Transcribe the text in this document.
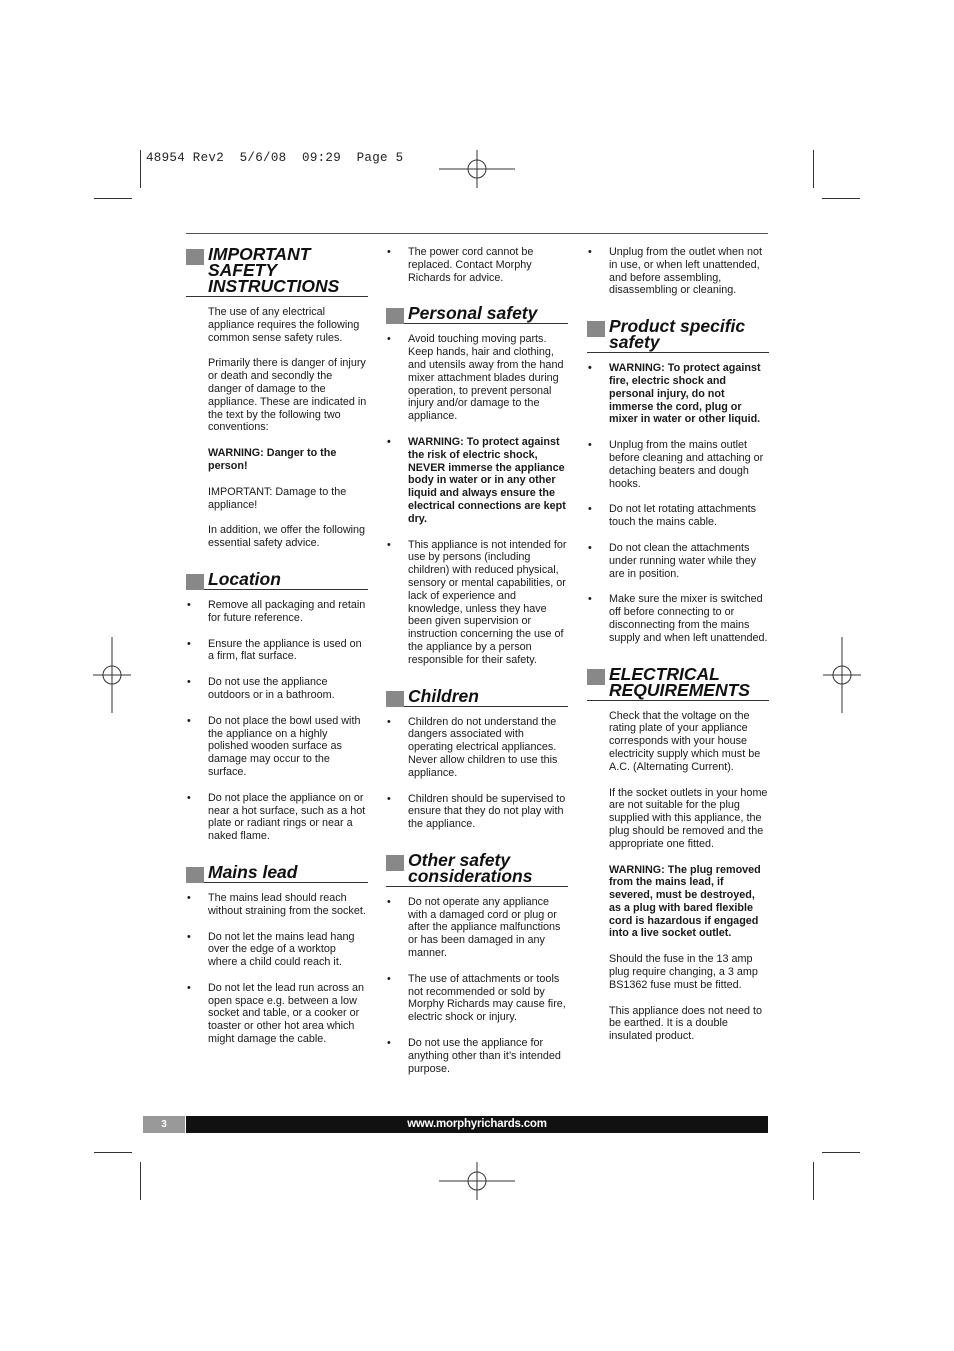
48954 Rev2  5/6/08  09:29  Page 5
IMPORTANT
SAFETY
INSTRUCTIONS

The use of any electrical appliance requires the following common sense safety rules.

Primarily there is danger of injury or death and secondly the danger of damage to the appliance. These are indicated in the text by the following two conventions:

WARNING: Danger to the person!

IMPORTANT: Damage to the appliance!

In addition, we offer the following essential safety advice.

Location
• Remove all packaging and retain for future reference.
• Ensure the appliance is used on a firm, flat surface.
• Do not use the appliance outdoors or in a bathroom.
• Do not place the bowl used with the appliance on a highly polished wooden surface as damage may occur to the surface.
• Do not place the appliance on or near a hot surface, such as a hot plate or radiant rings or near a naked flame.
Mains lead
• The mains lead should reach without straining from the socket.
• Do not let the mains lead hang over the edge of a worktop where a child could reach it.
• Do not let the lead run across an open space e.g. between a low socket and table, or a cooker or toaster or other hot area which might damage the cable.
• The power cord cannot be replaced. Contact Morphy Richards for advice.
Personal safety
• Avoid touching moving parts. Keep hands, hair and clothing, and utensils away from the hand mixer attachment blades during operation, to prevent personal injury and/or damage to the appliance.
• WARNING: To protect against the risk of electric shock, NEVER immerse the appliance body in water or in any other liquid and always ensure the electrical connections are kept dry.
• This appliance is not intended for use by persons (including children) with reduced physical, sensory or mental capabilities, or lack of experience and knowledge, unless they have been given supervision or instruction concerning the use of the appliance by a person responsible for their safety.
Children
• Children do not understand the dangers associated with operating electrical appliances. Never allow children to use this appliance.
• Children should be supervised to ensure that they do not play with the appliance.
Other safety
considerations
• Do not operate any appliance with a damaged cord or plug or after the appliance malfunctions or has been damaged in any manner.
• The use of attachments or tools not recommended or sold by Morphy Richards may cause fire, electric shock or injury.
• Do not use the appliance for anything other than it’s intended purpose.
• Unplug from the outlet when not in use, or when left unattended, and before assembling, disassembling or cleaning.
Product specific
safety
• WARNING: To protect against fire, electric shock and personal injury, do not immerse the cord, plug or mixer in water or other liquid.
• Unplug from the mains outlet before cleaning and attaching or detaching beaters and dough hooks.
• Do not let rotating attachments touch the mains cable.
• Do not clean the attachments under running water while they are in position.
• Make sure the mixer is switched off before connecting to or disconnecting from the mains supply and when left unattended.
ELECTRICAL
REQUIREMENTS

Check that the voltage on the rating plate of your appliance corresponds with your house electricity supply which must be A.C. (Alternating Current).

If the socket outlets in your home are not suitable for the plug supplied with this appliance, the plug should be removed and the appropriate one fitted.

WARNING: The plug removed from the mains lead, if severed, must be destroyed, as a plug with bared flexible cord is hazardous if engaged into a live socket outlet.

Should the fuse in the 13 amp plug require changing, a 3 amp BS1362 fuse must be fitted.

This appliance does not need to be earthed. It is a double insulated product.

3	www.morphyrichards.com
